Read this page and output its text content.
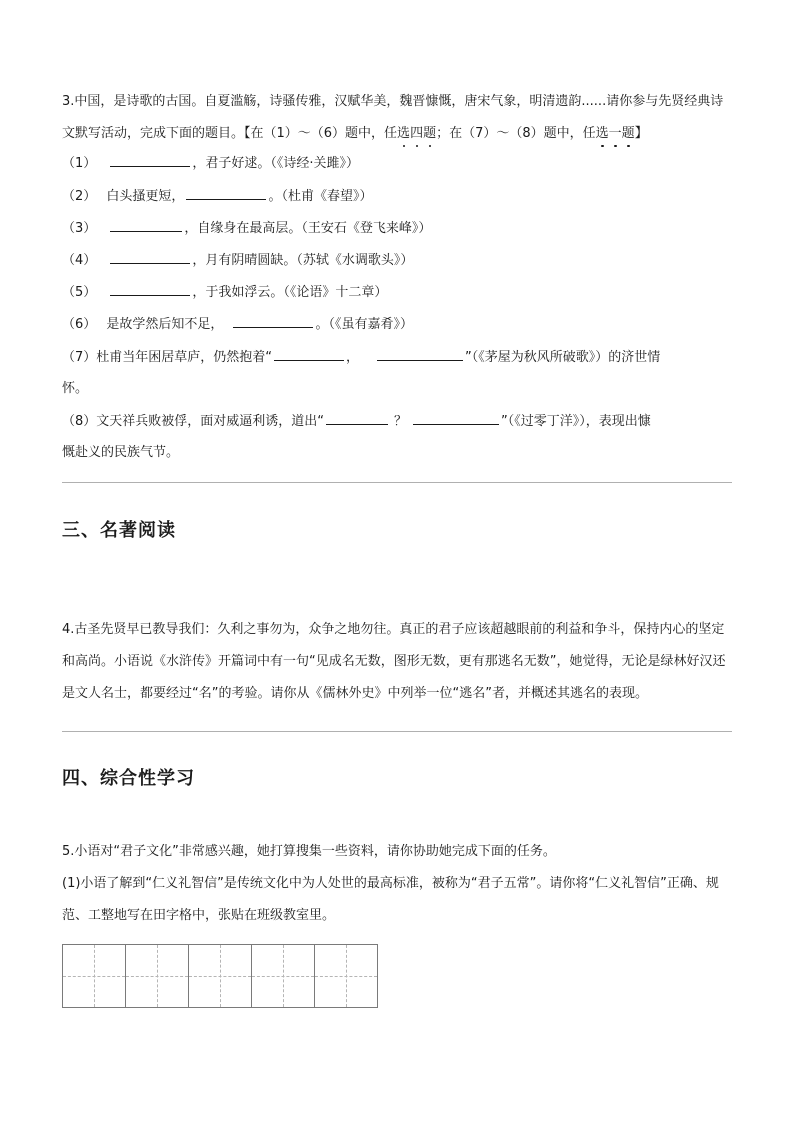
3.中国，是诗歌的古国。自夏滥觞，诗骚传雅，汉赋华美，魏晋慷慨，唐宋气象，明清遗韵......请你参与先贤经典诗文默写活动，完成下面的题目。【在（1）～（6）题中，任选四题；在（7）～（8）题中，任选一题】

（1）	，君子好逑。（《诗经·关雎》）
（2） 白头搔更短，	。（杜甫《春望》）
（3）	，自缘身在最高层。（王安石《登飞来峰》）
（4）	，月有阴晴圆缺。（苏轼《水调歌头》）
（5）	，于我如浮云。（《论语》十二章）
（6） 是故学然后知不足，	。（《虽有嘉肴》）
（7）杜甫当年困居草庐，仍然抱着“	，	”（《茅屋为秋风所破歌》）的济世情
怀。
（8）文天祥兵败被俘，面对威逼利诱，道出“	？	”（《过零丁洋》），表现出慷
慨赴义的民族气节。
三、名著阅读

4.古圣先贤早已教导我们：久利之事勿为，众争之地勿往。真正的君子应该超越眼前的利益和争斗，保持内心的坚定和高尚。小语说《水浒传》开篇词中有一句“见成名无数，图形无数，更有那逃名无数”，她觉得，无论是绿林好汉还是文人名士，都要经过“名”的考验。请你从《儒林外史》中列举一位“逃名”者，并概述其逃名的表现。

四、综合性学习

5.小语对“君子文化”非常感兴趣，她打算搜集一些资料，请你协助她完成下面的任务。

(1)小语了解到“仁义礼智信”是传统文化中为人处世的最高标准，被称为“君子五常”。请你将“仁义礼智信”正确、规范、工整地写在田字格中，张贴在班级教室里。
